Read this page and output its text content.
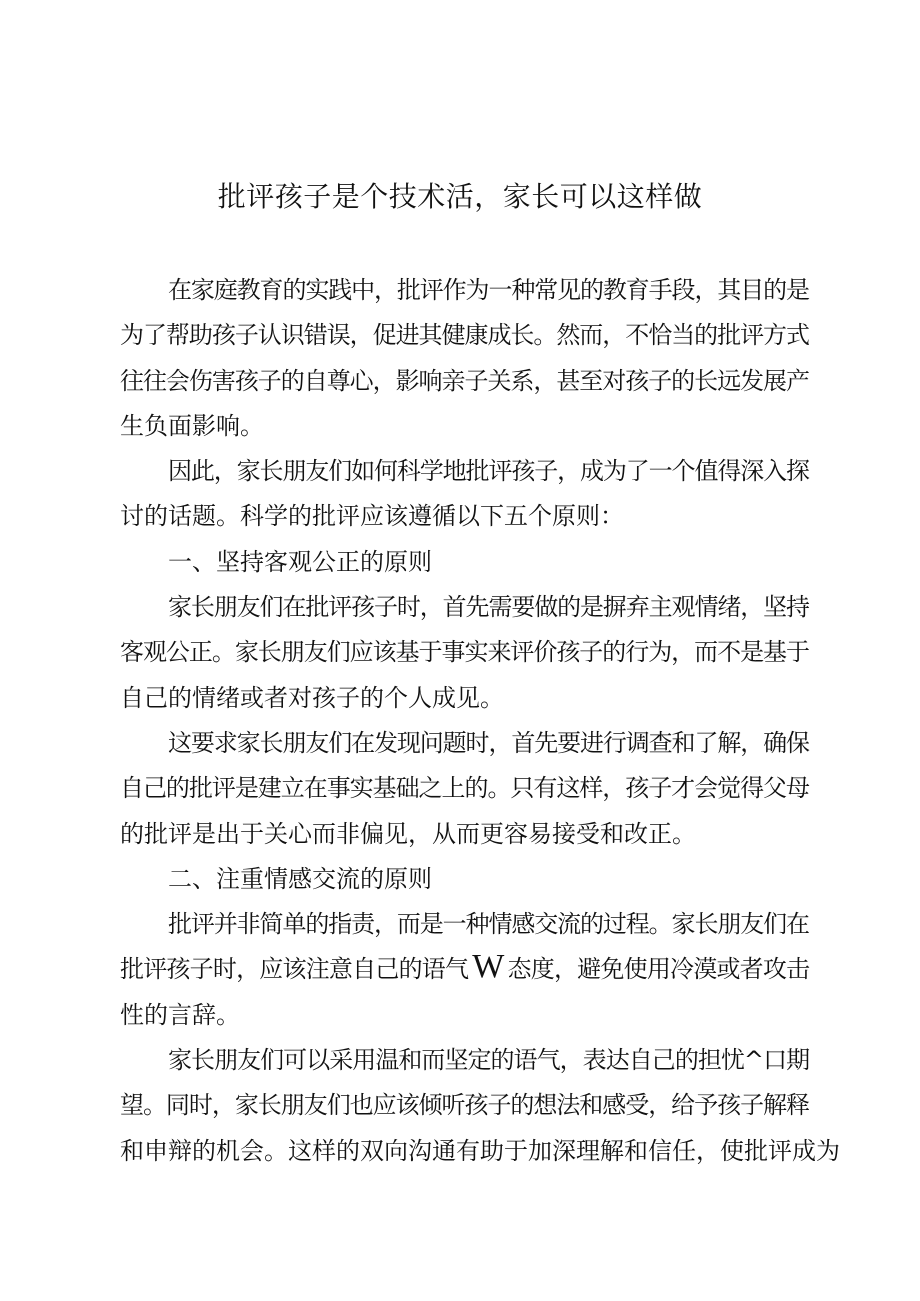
批评孩子是个技术活，家长可以这样做
在家庭教育的实践中，批评作为一种常见的教育手段，其目的是
为了帮助孩子认识错误，促进其健康成长。然而，不恰当的批评方式
往往会伤害孩子的自尊心，影响亲子关系，甚至对孩子的长远发展产
生负面影响。
因此，家长朋友们如何科学地批评孩子，成为了一个值得深入探
讨的话题。科学的批评应该遵循以下五个原则：
一、坚持客观公正的原则
家长朋友们在批评孩子时，首先需要做的是摒弃主观情绪，坚持
客观公正。家长朋友们应该基于事实来评价孩子的行为，而不是基于
自己的情绪或者对孩子的个人成见。
这要求家长朋友们在发现问题时，首先要进行调查和了解，确保
自己的批评是建立在事实基础之上的。只有这样，孩子才会觉得父母
的批评是出于关心而非偏见，从而更容易接受和改正。
二、注重情感交流的原则
批评并非简单的指责，而是一种情感交流的过程。家长朋友们在
批评孩子时，应该注意自己的语气 W 态度，避免使用冷漠或者攻击
性的言辞。
家长朋友们可以采用温和而坚定的语气，表达自己的担忧^口期
望。同时，家长朋友们也应该倾听孩子的想法和感受，给予孩子解释
和申辩的机会。这样的双向沟通有助于加深理解和信任，使批评成为
